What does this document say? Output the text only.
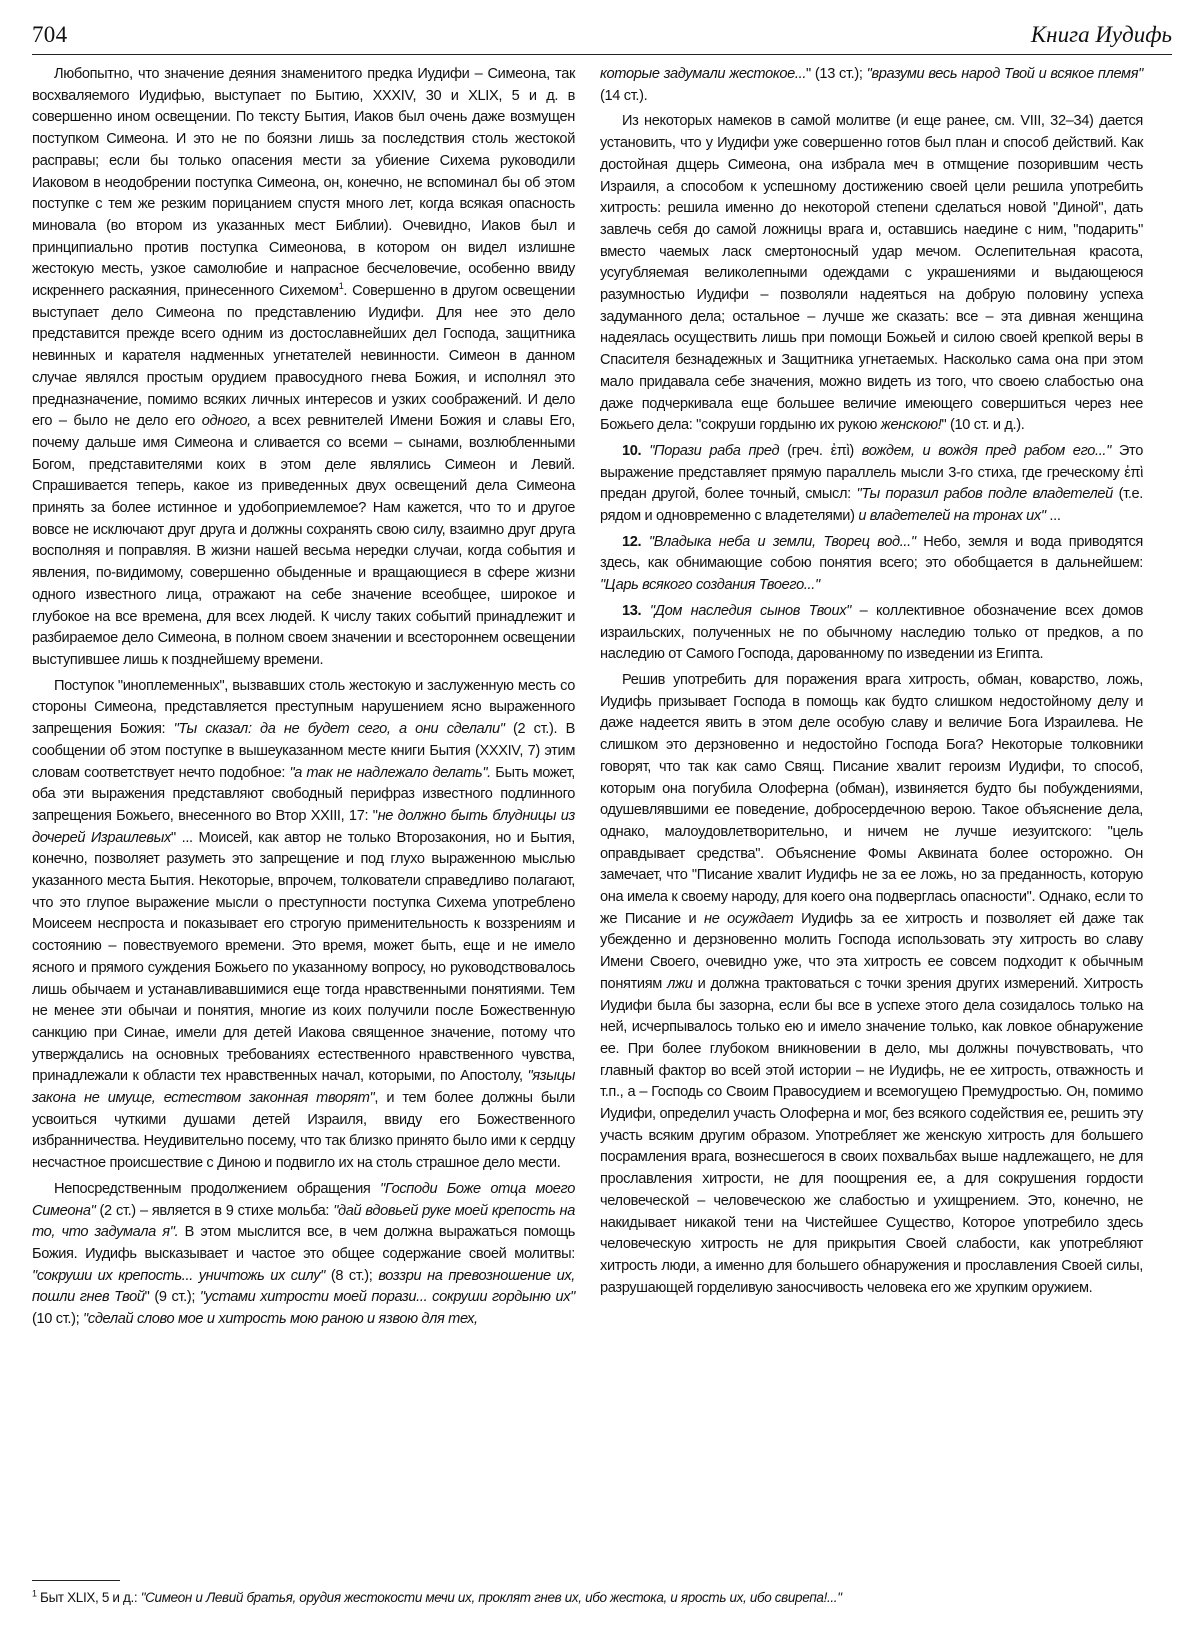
704	Книга Иудифь

Любопытно, что значение деяния знаменитого предка Иудифи – Симеона, так восхваляемого Иудифью, выступает по Бытию, XXXIV, 30 и XLIX, 5 и д. в совершенно ином освещении. По тексту Бытия, Иаков был очень даже возмущен поступком Симеона. И это не по боязни лишь за последствия столь жестокой расправы; если бы только опасения мести за убиение Сихема руководили Иаковом в неодобрении поступка Симеона, он, конечно, не вспоминал бы об этом поступке с тем же резким порицанием спустя много лет, когда всякая опасность миновала (во втором из указанных мест Библии). Очевидно, Иаков был и принципиально против поступка Симеонова, в котором он видел излишне жестокую месть, узкое самолюбие и напрасное бесчеловечие, особенно ввиду искреннего раскаяния, принесенного Сихемом$^1$. Совершенно в другом освещении выступает дело Симеона по представлению Иудифи. Для нее это дело представится прежде всего одним из достославнейших дел Господа, защитника невинных и карателя надменных угнетателей невинности. Симеон в данном случае являлся простым орудием правосудного гнева Божия, и исполнял это предназначение, помимо всяких личных интересов и узких соображений. И дело его – было не дело его одного, а всех ревнителей Имени Божия и славы Его, почему дальше имя Симеона и сливается со всеми – сынами, возлюбленными Богом, представителями коих в этом деле являлись Симеон и Левий. Спрашивается теперь, какое из приведенных двух освещений дела Симеона принять за более истинное и удобоприемлемое? Нам кажется, что то и другое вовсе не исключают друг друга и должны сохранять свою силу, взаимно друг друга восполняя и поправляя. В жизни нашей весьма нередки случаи, когда события и явления, по-видимому, совершенно обыденные и вращающиеся в сфере жизни одного известного лица, отражают на себе значение всеобщее, широкое и глубокое на все времена, для всех людей. К числу таких событий принадлежит и разбираемое дело Симеона, в полном своем значении и всестороннем освещении выступившее лишь к позднейшему времени.

Поступок "иноплеменных", вызвавших столь жестокую и заслуженную месть со стороны Симеона, представляется преступным нарушением ясно выраженного запрещения Божия: "Ты сказал: да не будет сего, а они сделали" (2 ст.). В сообщении об этом поступке в вышеуказанном месте книги Бытия (XXXIV, 7) этим словам соответствует нечто подобное: "а так не надлежало делать". Быть может, оба эти выражения представляют свободный перифраз известного подлинного запрещения Божьего, внесенного во Втор XXIII, 17: "не должно быть блудницы из дочерей Израилевых" ... Моисей, как автор не только Второзакония, но и Бытия, конечно, позволяет разуметь это запрещение и под глухо выраженною мыслью указанного места Бытия. Некоторые, впрочем, толкователи справедливо полагают, что это глупое выражение мысли о преступности поступка Сихема употреблено Моисеем неспроста и показывает его строгую применительность к воззрениям и состоянию – повествуемого времени. Это время, может быть, еще и не имело ясного и прямого суждения Божьего по указанному вопросу, но руководствовалось лишь обычаем и устанавливавшимися еще тогда нравственными понятиями. Тем не менее эти обычаи и понятия, многие из коих получили после Божественную санкцию при Синае, имели для детей Иакова священное значение, потому что утверждались на основных требованиях естественного нравственного чувства, принадлежали к области тех нравственных начал, которыми, по Апостолу, "языцы закона не имуще, естеством законная творят", и тем более должны были усвоиться чуткими душами детей Израиля, ввиду его Божественного избранничества. Неудивительно посему, что так близко принято было ими к сердцу несчастное происшествие с Диною и подвигло их на столь страшное дело мести.

Непосредственным продолжением обращения "Господи Боже отца моего Симеона" (2 ст.) – является в 9 стихе мольба: "дай вдовьей руке моей крепость на то, что задумала я". В этом мыслится все, в чем должна выражаться помощь Божия. Иудифь высказывает и частое это общее содержание своей молитвы: "сокруши их крепость... уничтожь их силу" (8 ст.); воззри на превозношение их, пошли гнев Твой" (9 ст.); "устами хитрости моей порази... сокруши гордыню их" (10 ст.); "сделай слово мое и хитрость мою раною и язвою для тех,

которые задумали жестокое..." (13 ст.); "вразуми весь народ Твой и всякое племя" (14 ст.).

Из некоторых намеков в самой молитве (и еще ранее, см. VIII, 32–34) дается установить, что у Иудифи уже совершенно готов был план и способ действий. Как достойная дщерь Симеона, она избрала меч в отмщение позорившим честь Израиля, а способом к успешному достижению своей цели решила употребить хитрость: решила именно до некоторой степени сделаться новой "Диной", дать завлечь себя до самой ложницы врага и, оставшись наедине с ним, "подарить" вместо чаемых ласк смертоносный удар мечом. Ослепительная красота, усугубляемая великолепными одеждами с украшениями и выдающеюся разумностью Иудифи – позволяли надеяться на добрую половину успеха задуманного дела; остальное – лучше же сказать: все – эта дивная женщина надеялась осуществить лишь при помощи Божьей и силою своей крепкой веры в Спасителя безнадежных и Защитника угнетаемых. Насколько сама она при этом мало придавала себе значения, можно видеть из того, что своею слабостью она даже подчеркивала еще большее величие имеющего совершиться через нее Божьего дела: "сокруши гордыню их рукою женскою!" (10 ст. и д.).

10. "Порази раба пред (греч. ἐπὶ) вождем, и вождя пред рабом его..." Это выражение представляет прямую параллель мысли 3-го стиха, где греческому ἐπὶ предан другой, более точный, смысл: "Ты поразил рабов подле владетелей (т.е. рядом и одновременно с владетелями) и владетелей на тронах их" ...

12. "Владыка неба и земли, Творец вод..." Небо, земля и вода приводятся здесь, как обнимающие собою понятия всего; это обобщается в дальнейшем: "Царь всякого создания Твоего..."

13. "Дом наследия сынов Твоих" – коллективное обозначение всех домов израильских, полученных не по обычному наследию только от предков, а по наследию от Самого Господа, дарованному по изведении из Египта.

Решив употребить для поражения врага хитрость, обман, коварство, ложь, Иудифь призывает Господа в помощь как будто слишком недостойному делу и даже надеется явить в этом деле особую славу и величие Бога Израилева. Не слишком это дерзновенно и недостойно Господа Бога? Некоторые толковники говорят, что так как само Свящ. Писание хвалит героизм Иудифи, то способ, которым она погубила Олоферна (обман), извиняется будто бы побуждениями, одушевлявшими ее поведение, добросердечною верою. Такое объяснение дела, однако, малоудовлетворительно, и ничем не лучше иезуитского: "цель оправдывает средства". Объяснение Фомы Аквината более осторожно. Он замечает, что "Писание хвалит Иудифь не за ее ложь, но за преданность, которую она имела к своему народу, для коего она подверглась опасности". Однако, если то же Писание и не осуждает Иудифь за ее хитрость и позволяет ей даже так убежденно и дерзновенно молить Господа использовать эту хитрость во славу Имени Своего, очевидно уже, что эта хитрость ее совсем подходит к обычным понятиям лжи и должна трактоваться с точки зрения других измерений. Хитрость Иудифи была бы зазорна, если бы все в успехе этого дела созидалось только на ней, исчерпывалось только ею и имело значение только, как ловкое обнаружение ее. При более глубоком вникновении в дело, мы должны почувствовать, что главный фактор во всей этой истории – не Иудифь, не ее хитрость, отважность и т.п., а – Господь со Своим Правосудием и всемогущею Премудростью. Он, помимо Иудифи, определил участь Олоферна и мог, без всякого содействия ее, решить эту участь всяким другим образом. Употребляет же женскую хитрость для большего посрамления врага, вознесшегося в своих похвальбах выше надлежащего, не для прославления хитрости, не для поощрения ее, а для сокрушения гордости человеческой – человеческою же слабостью и ухищрением. Это, конечно, не накидывает никакой тени на Чистейшее Существо, Которое употребило здесь человеческую хитрость не для прикрытия Своей слабости, как употребляют хитрость люди, а именно для большего обнаружения и прославления Своей силы, разрушающей горделивую заносчивость человека его же хрупким оружием.

$^1$ Быт XLIX, 5 и д.: "Симеон и Левий братья, орудия жестокости мечи их, проклят гнев их, ибо жестока, и ярость их, ибо свирепа!..."
